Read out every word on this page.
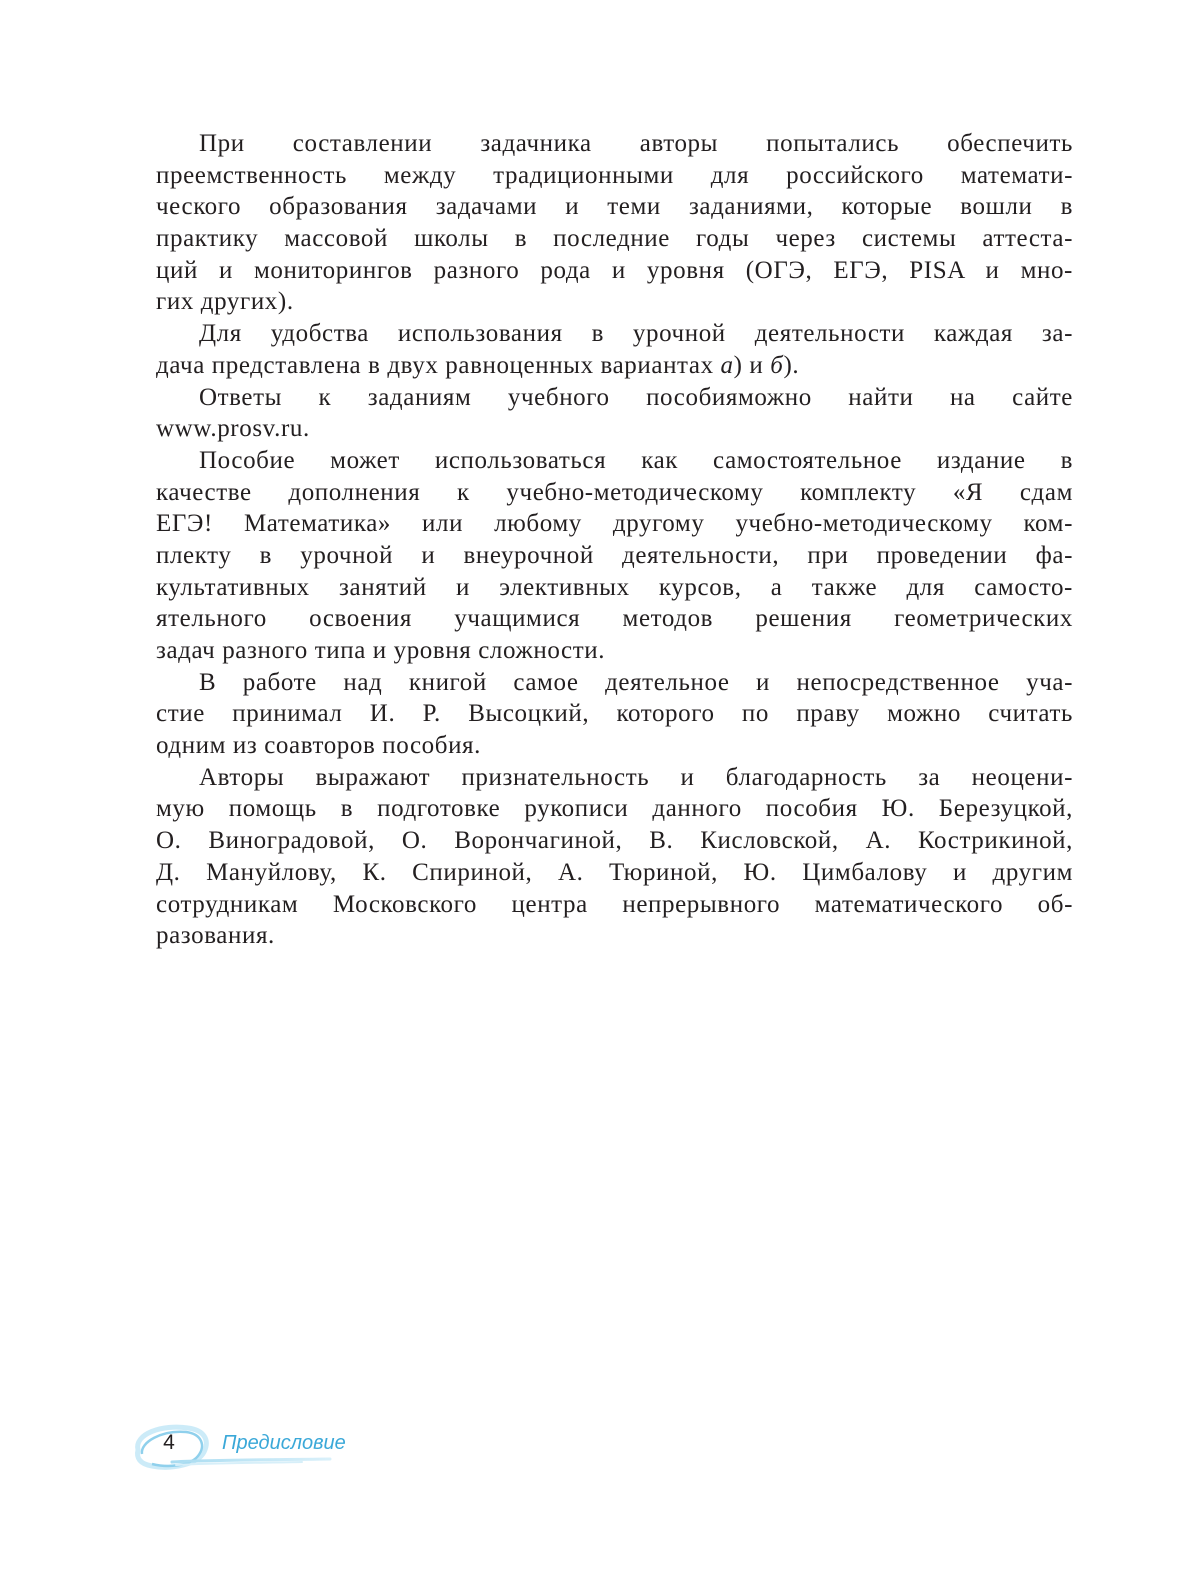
При составлении задачника авторы попытались обеспечить
преемственность между традиционными для российского математи-
ческого образования задачами и теми заданиями, которые вошли в
практику массовой школы в последние годы через системы аттеста-
ций и мониторингов разного рода и уровня (ОГЭ, ЕГЭ, PISA и мно-
гих других).
Для удобства использования в урочной деятельности каждая за-
дача представлена в двух равноценных вариантах а) и б).
Ответы к заданиям учебного пособияможно найти на сайте
www.prosv.ru.
Пособие может использоваться как самостоятельное издание в
качестве дополнения к учебно-методическому комплекту «Я сдам
ЕГЭ! Математика» или любому другому учебно-методическому ком-
плекту в урочной и внеурочной деятельности, при проведении фа-
культативных занятий и элективных курсов, а также для самосто-
ятельного освоения учащимися методов решения геометрических
задач разного типа и уровня сложности.
В работе над книгой самое деятельное и непосредственное уча-
стие принимал И. Р. Высоцкий, которого по праву можно считать
одним из соавторов пособия.
Авторы выражают признательность и благодарность за неоцени-
мую помощь в подготовке рукописи данного пособия Ю. Березуцкой,
О. Виноградовой, О. Ворончагиной, В. Кисловской, А. Кострикиной,
Д. Мануйлову, К. Спириной, А. Тюриной, Ю. Цимбалову и другим
сотрудникам Московского центра непрерывного математического об-
разования.
4 Предисловие
